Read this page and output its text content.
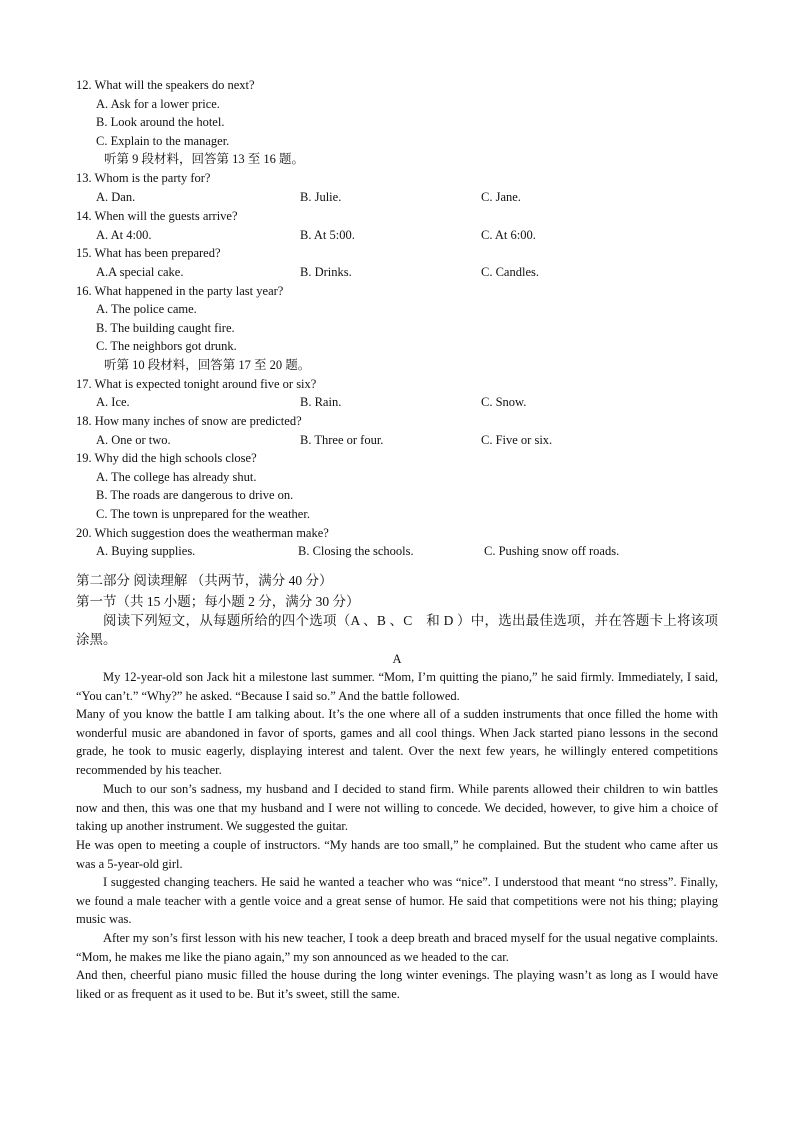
12. What will the speakers do next?
A. Ask for a lower price.
B. Look around the hotel.
C. Explain to the manager.
听第 9 段材料，回答第 13 至 16 题。
13. Whom is the party for?
A. Dan.	B. Julie.	C. Jane.
14. When will the guests arrive?
A. At 4:00.	B. At 5:00.	C. At 6:00.
15. What has been prepared?
A.A special cake.	B. Drinks.	C. Candles.
16. What happened in the party last year?
A. The police came.
B. The building caught fire.
C. The neighbors got drunk.
听第 10 段材料，回答第 17 至 20 题。
17. What is expected tonight around five or six?
A. Ice.	B. Rain.	C. Snow.
18. How many inches of snow are predicted?
A. One or two.	B. Three or four.	C. Five or six.
19. Why did the high schools close?
A. The college has already shut.
B. The roads are dangerous to drive on.
C. The town is unprepared for the weather.
20. Which suggestion does the weatherman make?
A. Buying supplies.	B. Closing the schools.	C. Pushing snow off roads.
第二部分 阅读理解 （共两节，满分 40 分）
第一节（共 15 小题；每小题 2 分，满分 30 分）
阅读下列短文，从每题所给的四个选项（A 、B 、C　和 D ）中，选出最佳选项，并在答题卡上将该项涂黑。
A
My 12-year-old son Jack hit a milestone last summer. “Mom, I’m quitting the piano,” he said firmly. Immediately, I said, “You can’t.” “Why?” he asked. “Because I said so.” And the battle followed.
Many of you know the battle I am talking about. It’s the one where all of a sudden instruments that once filled the home with wonderful music are abandoned in favor of sports, games and all cool things. When Jack started piano lessons in the second grade, he took to music eagerly, displaying interest and talent. Over the next few years, he willingly entered competitions recommended by his teacher.
Much to our son’s sadness, my husband and I decided to stand firm. While parents allowed their children to win battles now and then, this was one that my husband and I were not willing to concede. We decided, however, to give him a choice of taking up another instrument. We suggested the guitar.
He was open to meeting a couple of instructors. “My hands are too small,” he complained. But the student who came after us was a 5-year-old girl.
I suggested changing teachers. He said he wanted a teacher who was “nice”. I understood that meant “no stress”. Finally, we found a male teacher with a gentle voice and a great sense of humor. He said that competitions were not his thing; playing music was.
After my son’s first lesson with his new teacher, I took a deep breath and braced myself for the usual negative complaints. “Mom, he makes me like the piano again,” my son announced as we headed to the car.
And then, cheerful piano music filled the house during the long winter evenings. The playing wasn’t as long as I would have liked or as frequent as it used to be. But it’s sweet, still the same.
